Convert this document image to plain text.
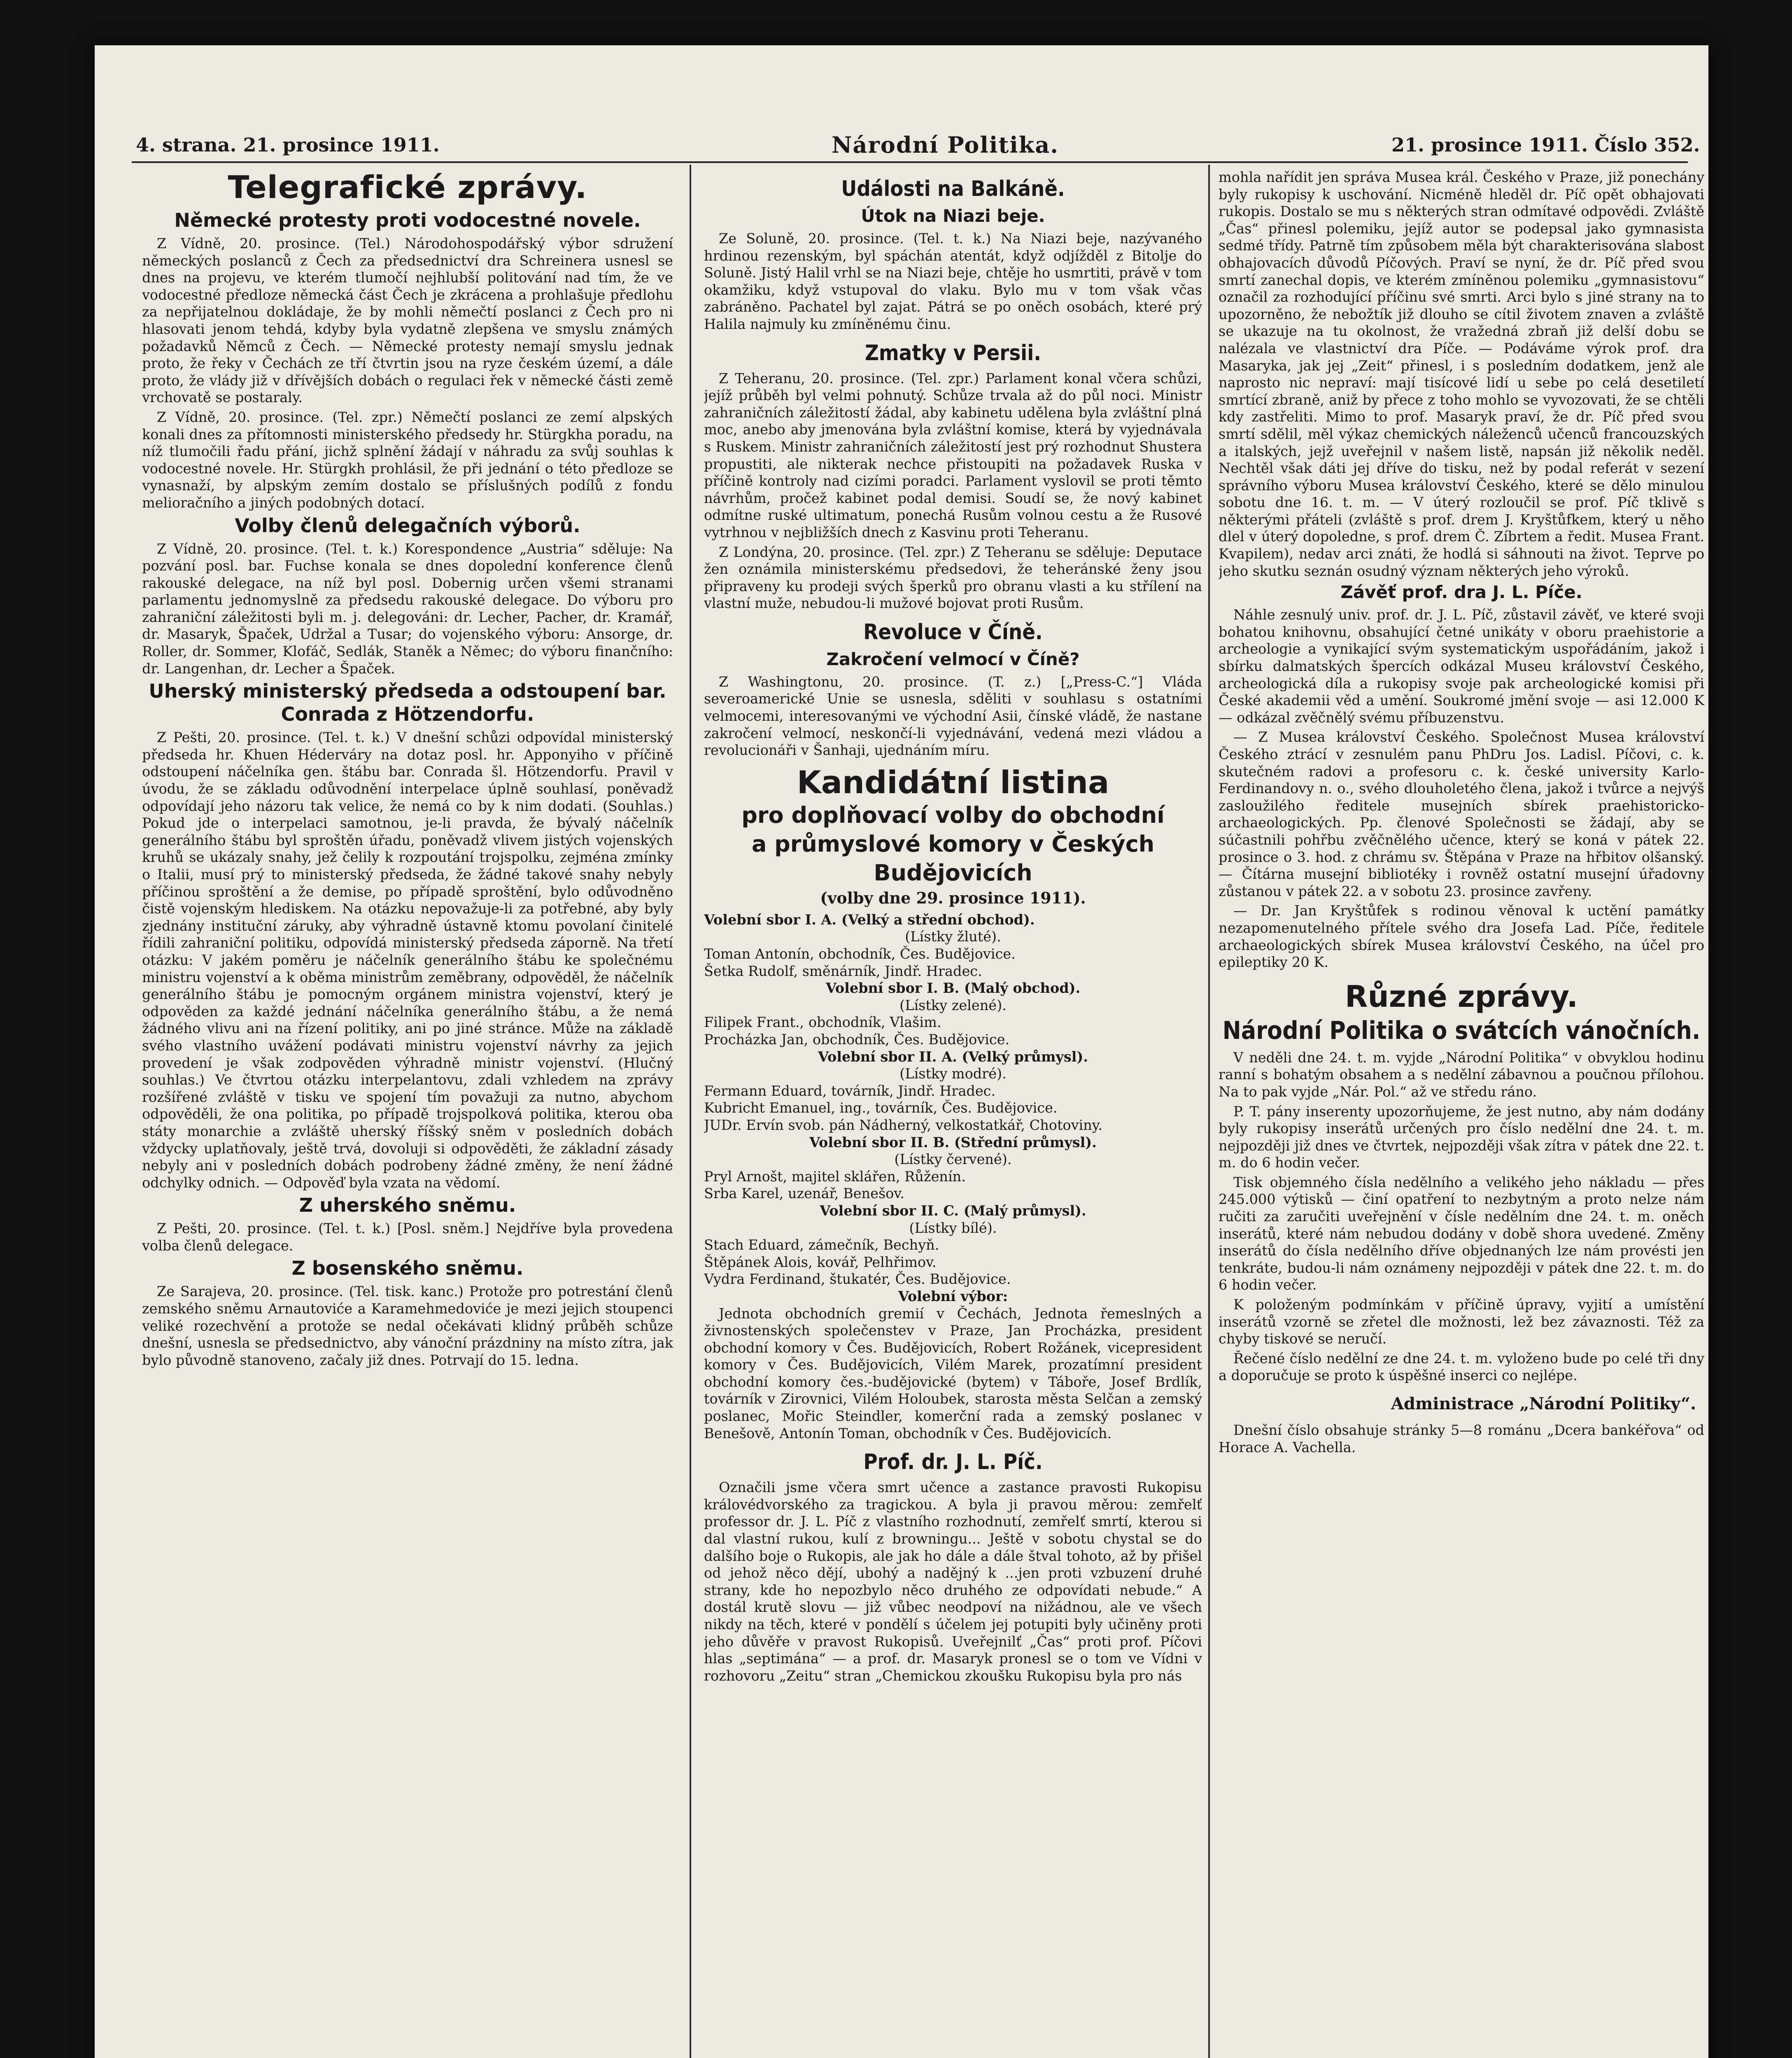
4. strana. 21. prosince 1911.	Národní Politika.	21. prosince 1911. Číslo 352.
Telegrafické zprávy.
Německé protesty proti vodocestné novele.

Z Vídně, 20. prosince. (Tel.) Národohospodářský výbor sdružení německých poslanců z Čech za předsednictví dra Schreinera usnesl se dnes na projevu, ve kterém tlumočí nejhlubší politování nad tím, že ve vodocestné předloze německá část Čech je zkrácena a prohlašuje předlohu za nepřijatelnou dokládaje, že by mohli němečtí poslanci z Čech pro ni hlasovati jenom tehdá, kdyby byla vydatně zlepšena ve smyslu známých požadavků Němců z Čech. — Německé protesty nemají smyslu jednak proto, že řeky v Čechách ze tří čtvrtin jsou na ryze českém území, a dále proto, že vlády již v dřívějších dobách o regulaci řek v německé části země vrchovatě se postaraly.

Z Vídně, 20. prosince. (Tel. zpr.) Němečtí poslanci ze zemí alpských konali dnes za přítomnosti ministerského předsedy hr. Stürgkha poradu, na níž tlumočili řadu přání, jichž splnění žádají v náhradu za svůj souhlas k vodocestné novele. Hr. Stürgkh prohlásil, že při jednání o této předloze se vynasnaží, by alpským zemím dostalo se příslušných podílů z fondu melioračního a jiných podobných dotací.

Volby členů delegačních výborů.

Z Vídně, 20. prosince. (Tel. t. k.) Korespondence „Austria“ sděluje: Na pozvání posl. bar. Fuchse konala se dnes dopolední konference členů rakouské delegace, na níž byl posl. Dobernig určen všemi stranami parlamentu jednomyslně za předsedu rakouské delegace. Do výboru pro zahraniční záležitosti byli m. j. delegováni: dr. Lecher, Pacher, dr. Kramář, dr. Masaryk, Špaček, Udržal a Tusar; do vojenského výboru: Ansorge, dr. Roller, dr. Sommer, Klofáč, Sedlák, Staněk a Němec; do výboru finančního: dr. Langenhan, dr. Lecher a Špaček.

Uherský ministerský předseda a odstoupení bar. Conrada z Hötzendorfu.

Z Pešti, 20. prosince. (Tel. t. k.) V dnešní schůzi odpovídal ministerský předseda hr. Khuen Héderváry na dotaz posl. hr. Apponyiho v příčině odstoupení náčelníka gen. štábu bar. Conrada šl. Hötzendorfu. Pravil v úvodu, že se základu odůvodnění interpelace úplně souhlasí, poněvadž odpovídají jeho názoru tak velice, že nemá co by k nim dodati. (Souhlas.) Pokud jde o interpelaci samotnou, je-li pravda, že bývalý náčelník generálního štábu byl sproštěn úřadu, poněvadž vlivem jistých vojenských kruhů se ukázaly snahy, jež čelily k rozpoutání trojspolku, zejména zmínky o Italii, musí prý to ministerský předseda, že žádné takové snahy nebyly příčinou sproštění a že demise, po případě sproštění, bylo odůvodněno čistě vojenským hlediskem. Na otázku nepovažuje-li za potřebné, aby byly zjednány instituční záruky, aby výhradně ústavně ktomu povolaní činitelé řídili zahraniční politiku, odpovídá ministerský předseda záporně. Na třetí otázku: V jakém poměru je náčelník generálního štábu ke společnému ministru vojenství a k oběma ministrům zeměbrany, odpověděl, že náčelník generálního štábu je pomocným orgánem ministra vojenství, který je odpověden za každé jednání náčelníka generálního štábu, a že nemá žádného vlivu ani na řízení politiky, ani po jiné stránce. Může na základě svého vlastního uvážení podávati ministru vojenství návrhy za jejich provedení je však zodpověden výhradně ministr vojenství. (Hlučný souhlas.) Ve čtvrtou otázku interpelantovu, zdali vzhledem na zprávy rozšířené zvláště v tisku ve spojení tím považuji za nutno, abychom odpověděli, že ona politika, po případě trojspolková politika, kterou oba státy monarchie a zvláště uherský říšský sněm v posledních dobách vždycky uplatňovaly, ještě trvá, dovoluji si odpověděti, že základní zásady nebyly ani v posledních dobách podrobeny žádné změny, že není žádné odchylky odnich. — Odpověď byla vzata na vědomí.

Z uherského sněmu.

Z Pešti, 20. prosince. (Tel. t. k.) [Posl. sněm.] Nejdříve byla provedena volba členů delegace.

Z bosenského sněmu.

Ze Sarajeva, 20. prosince. (Tel. tisk. kanc.) Protože pro potrestání členů zemského sněmu Arnautoviće a Karamehmedoviće je mezi jejich stoupenci veliké rozechvění a protože se nedal očekávati klidný průběh schůze dnešní, usnesla se předsednictvo, aby vánoční prázdniny na místo zítra, jak bylo původně stanoveno, začaly již dnes. Potrvají do 15. ledna.

Události na Balkáně.
Útok na Niazi beje.

Ze Soluně, 20. prosince. (Tel. t. k.) Na Niazi beje, nazývaného hrdinou rezenským, byl spáchán atentát, když odjížděl z Bitolje do Soluně. Jistý Halil vrhl se na Niazi beje, chtěje ho usmrtiti, právě v tom okamžiku, když vstupoval do vlaku. Bylo mu v tom však včas zabráněno. Pachatel byl zajat. Pátrá se po oněch osobách, které prý Halila najmuly ku zmíněnému činu.

Zmatky v Persii.

Z Teheranu, 20. prosince. (Tel. zpr.) Parlament konal včera schůzi, jejíž průběh byl velmi pohnutý. Schůze trvala až do půl noci. Ministr zahraničních záležitostí žádal, aby kabinetu udělena byla zvláštní plná moc, anebo aby jmenována byla zvláštní komise, která by vyjednávala s Ruskem. Ministr zahraničních záležitostí jest prý rozhodnut Shustera propustiti, ale nikterak nechce přistoupiti na požadavek Ruska v příčině kontroly nad cizími poradci. Parlament vyslovil se proti těmto návrhům, pročež kabinet podal demisi. Soudí se, že nový kabinet odmítne ruské ultimatum, ponechá Rusům volnou cestu a že Rusové vytrhnou v nejbližších dnech z Kasvinu proti Teheranu.

Z Londýna, 20. prosince. (Tel. zpr.) Z Teheranu se sděluje: Deputace žen oznámila ministerskému předsedovi, že teheránské ženy jsou připraveny ku prodeji svých šperků pro obranu vlasti a ku střílení na vlastní muže, nebudou-li mužové bojovat proti Rusům.

Revoluce v Číně.
Zakročení velmocí v Číně?

Z Washingtonu, 20. prosince. (T. z.) [„Press-C.“] Vláda severoamerické Unie se usnesla, sděliti v souhlasu s ostatními velmocemi, interesovanými ve východní Asii, čínské vládě, že nastane zakročení velmocí, neskončí-li vyjednávání, vedená mezi vládou a revolucionáři v Šanhaji, ujednáním míru.

Kandidátní listina
pro doplňovací volby do obchodní
a průmyslové komory v Českých
Budějovicích
(volby dne 29. prosince 1911).
Volební sbor I. A. (Velký a střední obchod).
(Lístky žluté).
Toman Antonín, obchodník, Čes. Budějovice.
Šetka Rudolf, směnárník, Jindř. Hradec.
Volební sbor I. B. (Malý obchod).
(Lístky zelené).
Filipek Frant., obchodník, Vlašim.
Procházka Jan, obchodník, Čes. Budějovice.
Volební sbor II. A. (Velký průmysl).
(Lístky modré).
Fermann Eduard, továrník, Jindř. Hradec.
Kubricht Emanuel, ing., továrník, Čes. Budějovice.
JUDr. Ervín svob. pán Nádherný, velkostatkář, Chotoviny.
Volební sbor II. B. (Střední průmysl).
(Lístky červené).
Pryl Arnošt, majitel sklářen, Růženín.
Srba Karel, uzenář, Benešov.
Volební sbor II. C. (Malý průmysl).
(Lístky bílé).
Stach Eduard, zámečník, Bechyň.
Štěpánek Alois, kovář, Pelhřimov.
Vydra Ferdinand, štukatér, Čes. Budějovice.
Volební výbor:

Jednota obchodních gremií v Čechách, Jednota řemeslných a živnostenských společenstev v Praze, Jan Procházka, president obchodní komory v Čes. Budějovicích, Robert Rožánek, vicepresident komory v Čes. Budějovicích, Vilém Marek, prozatímní president obchodní komory čes.-budějovické (bytem) v Táboře, Josef Brdlík, továrník v Zirovnici, Vilém Holoubek, starosta města Selčan a zemský poslanec, Mořic Steindler, komerční rada a zemský poslanec v Benešově, Antonín Toman, obchodník v Čes. Budějovicích.

Prof. dr. J. L. Píč.

Označili jsme včera smrt učence a zastance pravosti Rukopisu královédvorského za tragickou. A byla ji pravou měrou: zemřelť professor dr. J. L. Píč z vlastního rozhodnutí, zemřelť smrtí, kterou si dal vlastní rukou, kulí z browningu... Ještě v sobotu chystal se do dalšího boje o Rukopis, ale jak ho dále a dále štval tohoto, až by přišel od jehož něco dějí, ubohý a nadějný k ...jen proti vzbuzení druhé strany, kde ho nepozbylo něco druhého ze odpovídati nebude.“ A dostál krutě slovu — již vůbec neodpoví na nižádnou, ale ve všech nikdy na těch, které v pondělí s účelem jej potupiti byly učiněny proti jeho důvěře v pravost Rukopisů. Uveřejnilť „Čas“ proti prof. Píčovi hlas „septimána“ — a prof. dr. Masaryk pronesl se o tom ve Vídni v rozhovoru „Zeitu“ stran „Chemickou zkoušku Rukopisu byla pro nás

mohla nařídit jen správa Musea král. Českého v Praze, již ponechány byly rukopisy k uschování. Nicméně hleděl dr. Píč opět obhajovati rukopis. Dostalo se mu s některých stran odmítavé odpovědi. Zvláště „Čas“ přinesl polemiku, jejíž autor se podepsal jako gymnasista sedmé třídy. Patrně tím způsobem měla být charakterisována slabost obhajovacích důvodů Píčových. Praví se nyní, že dr. Píč před svou smrtí zanechal dopis, ve kterém zmíněnou polemiku „gymnasistovu“ označil za rozhodující příčinu své smrti. Arci bylo s jiné strany na to upozorněno, že nebožtík již dlouho se cítil životem znaven a zvláště se ukazuje na tu okolnost, že vražedná zbraň již delší dobu se nalézala ve vlastnictví dra Píče. — Podáváme výrok prof. dra Masaryka, jak jej „Zeit“ přinesl, i s posledním dodatkem, jenž ale naprosto nic nepraví: mají tisícové lidí u sebe po celá desetiletí smrtící zbraně, aniž by přece z toho mohlo se vyvozovati, že se chtěli kdy zastřeliti. Mimo to prof. Masaryk praví, že dr. Píč před svou smrtí sdělil, měl výkaz chemických náleženců učenců francouzských a italských, jejž uveřejnil v našem listě, napsán již několik neděl. Nechtěl však dáti jej dříve do tisku, než by podal referát v sezení správního výboru Musea království Českého, které se dělo minulou sobotu dne 16. t. m. — V úterý rozloučil se prof. Píč tklivě s některými přáteli (zvláště s prof. drem J. Kryštůfkem, který u něho dlel v úterý dopoledne, s prof. drem Č. Zíbrtem a ředit. Musea Frant. Kvapilem), nedav arci znáti, že hodlá si sáhnouti na život. Teprve po jeho skutku seznán osudný význam některých jeho výroků.

Závěť prof. dra J. L. Píče.

Náhle zesnulý univ. prof. dr. J. L. Píč, zůstavil závěť, ve které svoji bohatou knihovnu, obsahující četné unikáty v oboru praehistorie a archeologie a vynikající svým systematickým uspořádáním, jakož i sbírku dalmatských špercích odkázal Museu království Českého, archeologická díla a rukopisy svoje pak archeologické komisi při České akademii věd a umění. Soukromé jmění svoje — asi 12.000 K — odkázal zvěčnělý svému příbuzenstvu.

— Z Musea království Českého. Společnost Musea království Českého ztrácí v zesnulém panu PhDru Jos. Ladisl. Píčovi, c. k. skutečném radovi a profesoru c. k. české university Karlo-Ferdinandovy n. o., svého dlouholetého člena, jakož i tvůrce a nejvýš zasloužilého ředitele musejních sbírek praehistoricko-archaeologických. Pp. členové Společnosti se žádají, aby se súčastnili pohřbu zvěčnělého učence, který se koná v pátek 22. prosince o 3. hod. z chrámu sv. Štěpána v Praze na hřbitov olšanský. — Čítárna musejní bibliotéky i rovněž ostatní musejní úřadovny zůstanou v pátek 22. a v sobotu 23. prosince zavřeny.

— Dr. Jan Kryštůfek s rodinou věnoval k uctění památky nezapomenutelného přítele svého dra Josefa Lad. Píče, ředitele archaeologických sbírek Musea království Českého, na účel pro epileptiky 20 K.

Různé zprávy.
Národní Politika o svátcích vánočních.

V neděli dne 24. t. m. vyjde „Národní Politika“ v obvyklou hodinu ranní s bohatým obsahem a s nedělní zábavnou a poučnou přílohou. Na to pak vyjde „Nár. Pol.“ až ve středu ráno.

P. T. pány inserenty upozorňujeme, že jest nutno, aby nám dodány byly rukopisy inserátů určených pro číslo nedělní dne 24. t. m. nejpozději již dnes ve čtvrtek, nejpozději však zítra v pátek dne 22. t. m. do 6 hodin večer.

Tisk objemného čísla nedělního a velikého jeho nákladu — přes 245.000 výtisků — činí opatření to nezbytným a proto nelze nám ručiti za zaručiti uveřejnění v čísle nedělním dne 24. t. m. oněch inserátů, které nám nebudou dodány v době shora uvedené. Změny inserátů do čísla nedělního dříve objednaných lze nám provésti jen tenkráte, budou-li nám oznámeny nejpozději v pátek dne 22. t. m. do 6 hodin večer.

K položeným podmínkám v příčině úpravy, vyjití a umístění inserátů vzorně se zřetel dle možnosti, lež bez závaznosti. Též za chyby tiskové se neručí.

Řečené číslo nedělní ze dne 24. t. m. vyloženo bude po celé tři dny a doporučuje se proto k úspěšné inserci co nejlépe.

Administrace „Národní Politiky“.

Dnešní číslo obsahuje stránky 5—8 románu „Dcera bankéřova“ od Horace A. Vachella.
